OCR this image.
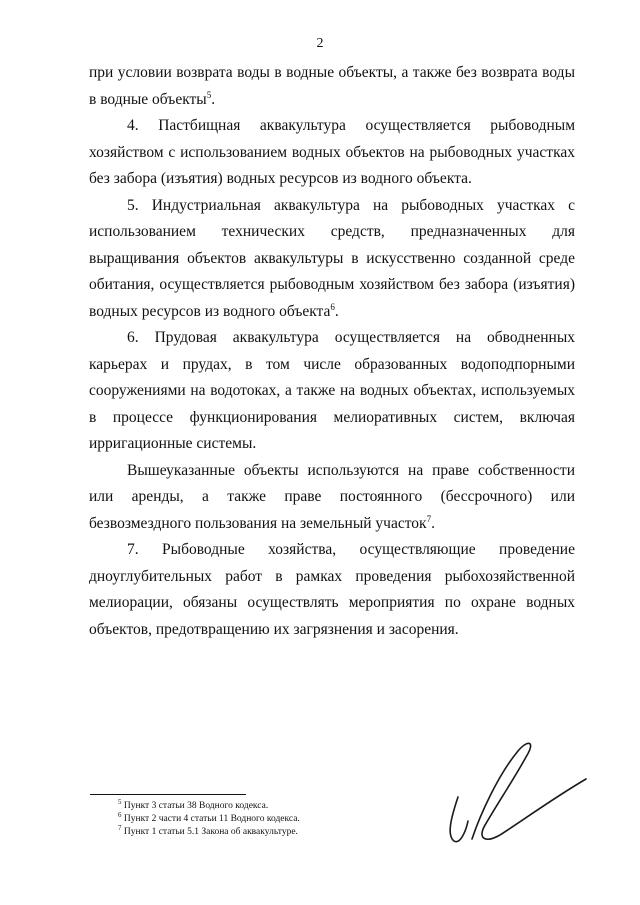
2

при условии возврата воды в водные объекты, а также без возврата воды в водные объекты$^5$.

4. Пастбищная аквакультура осуществляется рыбоводным хозяйством с использованием водных объектов на рыбоводных участках без забора (изъятия) водных ресурсов из водного объекта.

5. Индустриальная аквакультура на рыбоводных участках с использованием технических средств, предназначенных для выращивания объектов аквакультуры в искусственно созданной среде обитания, осуществляется рыбоводным хозяйством без забора (изъятия) водных ресурсов из водного объекта$^6$.

6. Прудовая аквакультура осуществляется на обводненных карьерах и прудах, в том числе образованных водоподпорными сооружениями на водотоках, а также на водных объектах, используемых в процессе функционирования мелиоративных систем, включая ирригационные системы.

Вышеуказанные объекты используются на праве собственности или аренды, а также праве постоянного (бессрочного) или безвозмездного пользования на земельный участок$^7$.

7. Рыбоводные хозяйства, осуществляющие проведение дноуглубительных работ в рамках проведения рыбохозяйственной мелиорации, обязаны осуществлять мероприятия по охране водных объектов, предотвращению их загрязнения и засорения.

$^5$ Пункт 3 статьи 38 Водного кодекса.
$^6$ Пункт 2 части 4 статьи 11 Водного кодекса.
$^7$ Пункт 1 статьи 5.1 Закона об аквакультуре.
